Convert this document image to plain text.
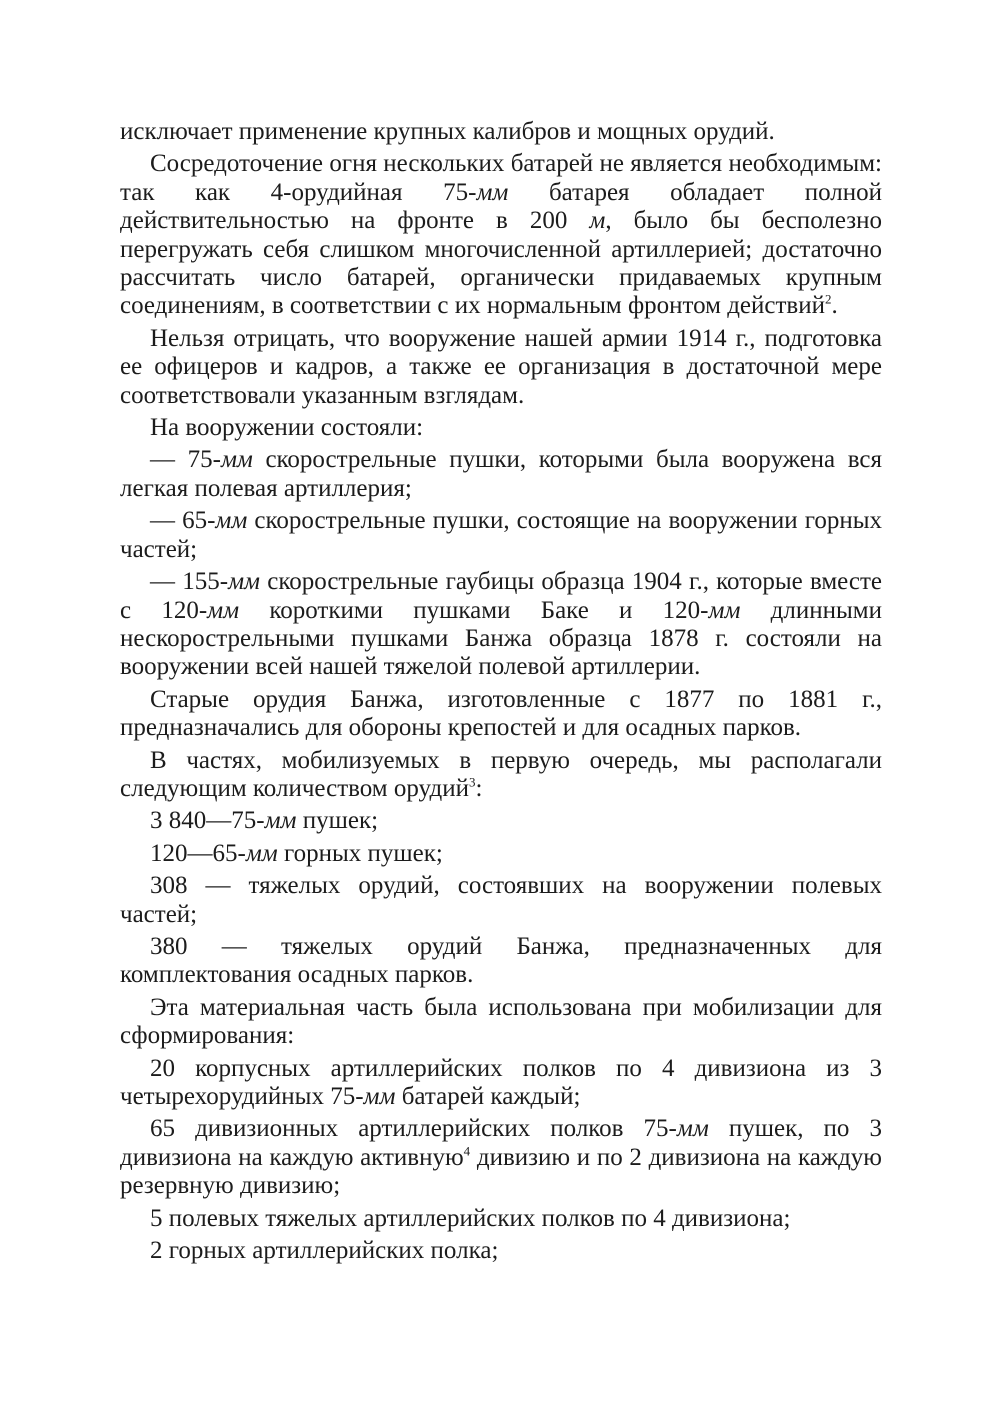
исключает применение крупных калибров и мощных орудий.

Сосредоточение огня нескольких батарей не является необходимым: так как 4-орудийная 75-мм батарея обладает полной действительностью на фронте в 200 м, было бы бесполезно перегружать себя слишком многочисленной артиллерией; достаточно рассчитать число батарей, органически придаваемых крупным соединениям, в соответствии с их нормальным фронтом действий$^2$.

Нельзя отрицать, что вооружение нашей армии 1914 г., подготовка ее офицеров и кадров, а также ее организация в достаточной мере соответствовали указанным взглядам.

На вооружении состояли:

— 75-мм скорострельные пушки, которыми была вооружена вся легкая полевая артиллерия;

— 65-мм скорострельные пушки, состоящие на вооружении горных частей;

— 155-мм скорострельные гаубицы образца 1904 г., которые вместе с 120-мм короткими пушками Баке и 120-мм длинными нескорострельными пушками Банжа образца 1878 г. состояли на вооружении всей нашей тяжелой полевой артиллерии.

Старые орудия Банжа, изготовленные с 1877 по 1881 г., предназначались для обороны крепостей и для осадных парков.

В частях, мобилизуемых в первую очередь, мы располагали следующим количеством орудий$^3$:

3 840—75-мм пушек;

120—65-мм горных пушек;

308 — тяжелых орудий, состоявших на вооружении полевых частей;

380 — тяжелых орудий Банжа, предназначенных для комплектования осадных парков.

Эта материальная часть была использована при мобилизации для сформирования:

20 корпусных артиллерийских полков по 4 дивизиона из 3 четырехорудийных 75-мм батарей каждый;

65 дивизионных артиллерийских полков 75-мм пушек, по 3 дивизиона на каждую активную$^4$ дивизию и по 2 дивизиона на каждую резервную дивизию;

5 полевых тяжелых артиллерийских полков по 4 дивизиона;

2 горных артиллерийских полка;
